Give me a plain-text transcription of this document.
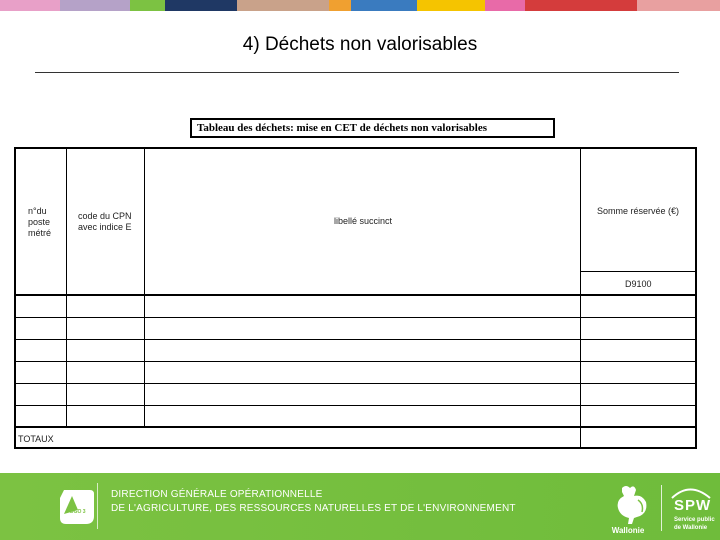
4) Déchets non valorisables
Tableau des déchets: mise en CET de déchets non valorisables
n°du poste métré
code du CPN avec indice E
libellé succinct
Somme réservée (€)
D9100
TOTAUX
DGO 3
DIRECTION GÉNÉRALE OPÉRATIONNELLE
DE L'AGRICULTURE, DES RESSOURCES NATURELLES ET DE L'ENVIRONNEMENT
Wallonie
SPW
Service public
de Wallonie
